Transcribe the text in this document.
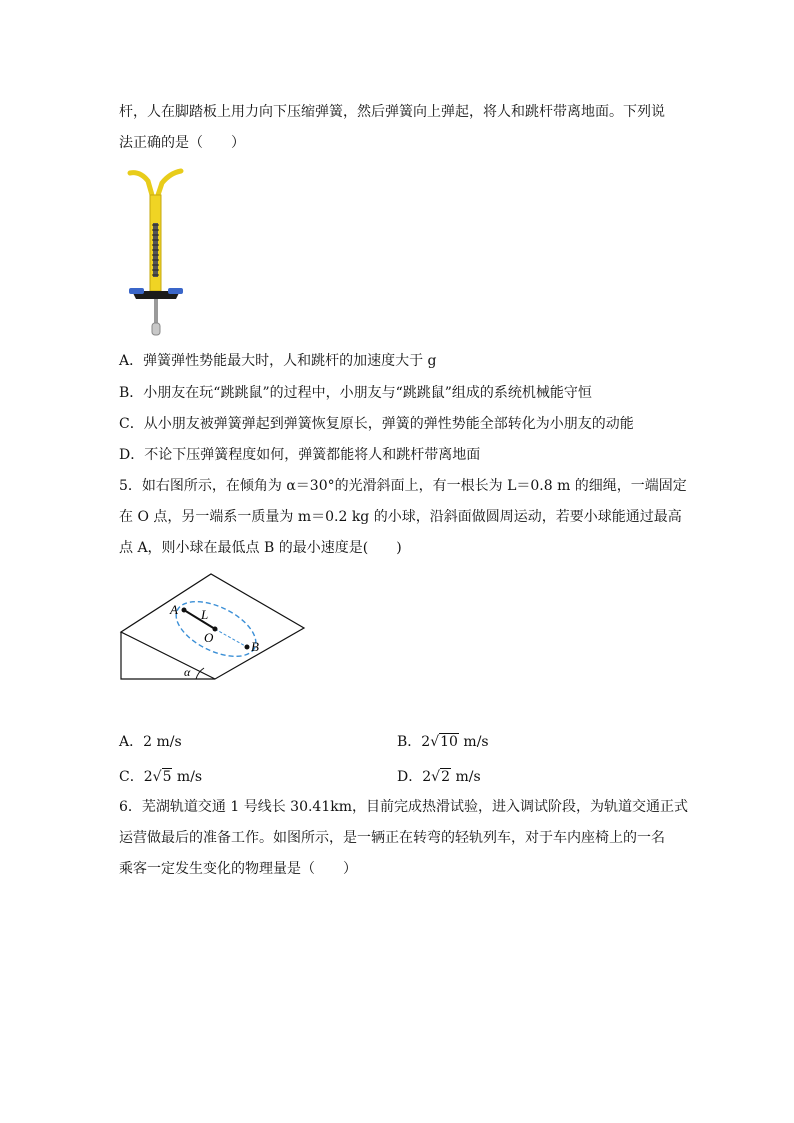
杆，人在脚踏板上用力向下压缩弹簧，然后弹簧向上弹起，将人和跳杆带离地面。下列说
法正确的是（　　）
A．弹簧弹性势能最大时，人和跳杆的加速度大于 g
B．小朋友在玩“跳跳鼠”的过程中，小朋友与“跳跳鼠”组成的系统机械能守恒
C．从小朋友被弹簧弹起到弹簧恢复原长，弹簧的弹性势能全部转化为小朋友的动能
D．不论下压弹簧程度如何，弹簧都能将人和跳杆带离地面
5．如右图所示，在倾角为 α＝30°的光滑斜面上，有一根长为 L＝0.8 m 的细绳，一端固定
在 O 点，另一端系一质量为 m＝0.2 kg 的小球，沿斜面做圆周运动，若要小球能通过最高
点 A，则小球在最低点 B 的最小速度是(　　)
A L
O
B
α
A．2 m/s	B．2√10 m/s
C．2√5 m/s	D．2√2 m/s
6．芜湖轨道交通 1 号线长 30.41km，目前完成热滑试验，进入调试阶段，为轨道交通正式
运营做最后的准备工作。如图所示，是一辆正在转弯的轻轨列车，对于车内座椅上的一名
乘客一定发生变化的物理量是（　　）
